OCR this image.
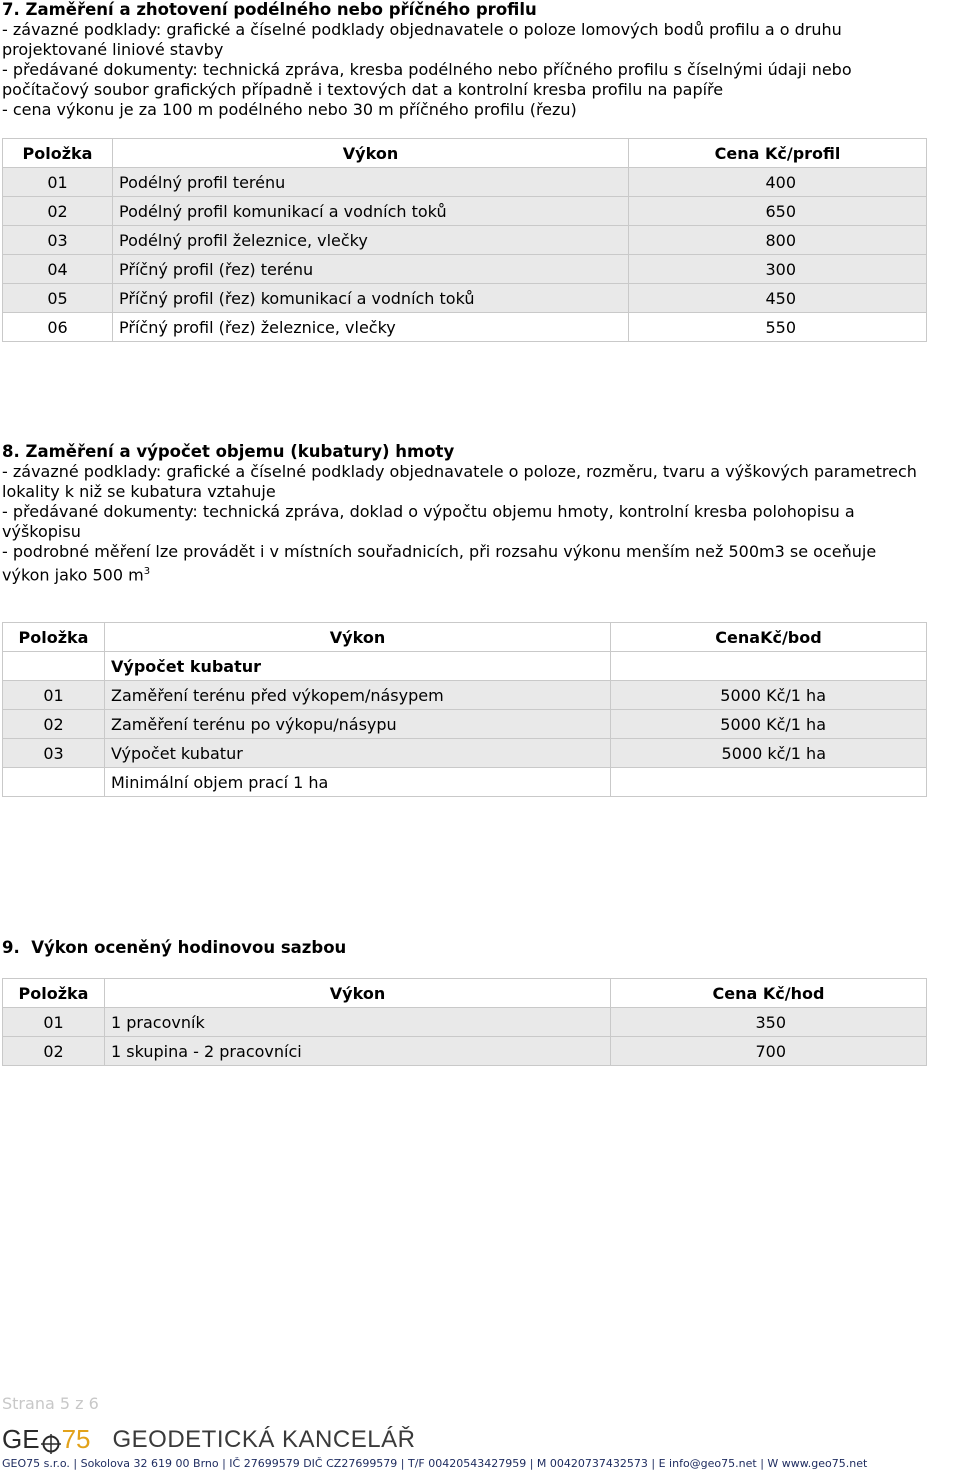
7. Zaměření a zhotovení podélného nebo příčného profilu

- závazné podklady: grafické a číselné podklady objednavatele o poloze lomových bodů profilu a o druhu

projektované liniové stavby

- předávané dokumenty: technická zpráva, kresba podélného nebo příčného profilu s číselnými údaji nebo

počítačový soubor grafických případně i textových dat a kontrolní kresba profilu na papíře

- cena výkonu je za 100 m podélného nebo 30 m příčného profilu (řezu)

Položka	Výkon	Cena Kč/profil
01	Podélný profil terénu	400
02	Podélný profil komunikací a vodních toků	650
03	Podélný profil železnice, vlečky	800
04	Příčný profil (řez) terénu	300
05	Příčný profil (řez) komunikací a vodních toků	450
06	Příčný profil (řez) železnice, vlečky	550
8. Zaměření a výpočet objemu (kubatury) hmoty

- závazné podklady: grafické a číselné podklady objednavatele o poloze, rozměru, tvaru a výškových parametrech

lokality k niž se kubatura vztahuje

- předávané dokumenty: technická zpráva, doklad o výpočtu objemu hmoty, kontrolní kresba polohopisu a

výškopisu

- podrobné měření lze provádět i v místních souřadnicích, při rozsahu výkonu menším než 500m3 se oceňuje

výkon jako 500 $m^3$

Položka	Výkon	CenaKč/bod
	Výpočet kubatur	
01	Zaměření terénu před výkopem/násypem	5000 Kč/1 ha
02	Zaměření terénu po výkopu/násypu	5000 Kč/1 ha
03	Výpočet kubatur	5000 kč/1 ha
	Minimální objem prací 1 ha	
9.  Výkon oceněný hodinovou sazbou
Položka	Výkon	Cena Kč/hod
01	1 pracovník	350
02	1 skupina - 2 pracovníci	700
Strana 5 z 6
GE 75 GEODETICKÁ KANCELÁŘ
GEO75 s.r.o. | Sokolova 32 619 00 Brno | IČ 27699579 DIČ CZ27699579 | T/F 00420543427959 | M 00420737432573 | E info@geo75.net | W www.geo75.net
